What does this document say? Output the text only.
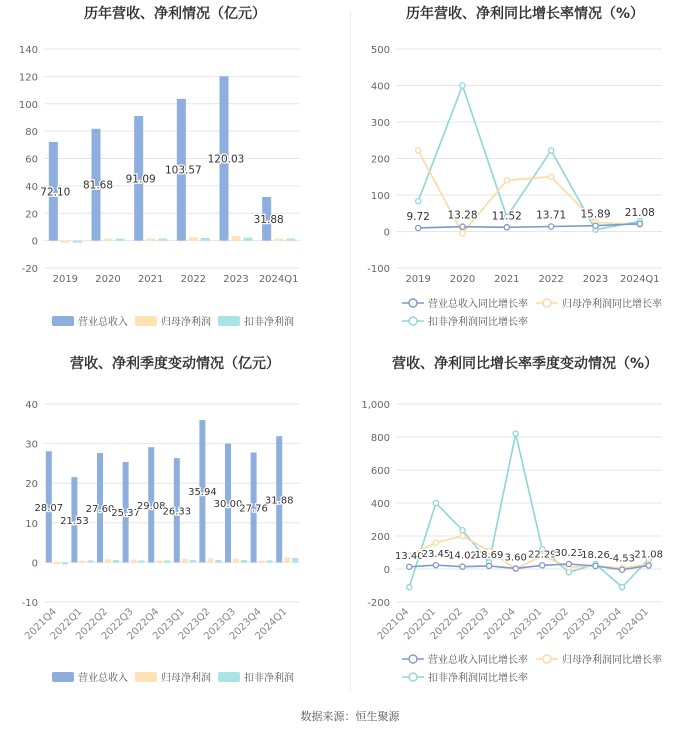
历年营收、净利情况（亿元）
-20
0
20
40
60
80
100
120
140
2019 2020 2021 2022 2023 2024Q1
72.10
81.68
91.09
103.57
120.03
31.88
营业总收入	归母净利润	扣非净利润
历年营收、净利同比增长率情况（%）
-100
0
100
200
300
400
500
2019 2020 2021 2022 2023 2024Q1
9.72 13.28 11.52 13.71 15.89 21.08
营业总收入同比增长率	归母净利润同比增长率
扣非净利润同比增长率
营收、净利季度变动情况（亿元）
-10
0
10
20
30
40
2021Q4
2022Q1
2022Q2
2022Q3
2022Q4
2023Q1
2023Q2
2023Q3
2023Q4
2024Q1
28.07
21.53
27.60
25.37
29.08
26.33
35.94
30.00
27.76
31.88
营业总收入	归母净利润	扣非净利润
营收、净利同比增长率季度变动情况（%）
-200
0
200
400
600
800
1,000
2021Q4
2022Q1
2022Q2
2022Q3
2022Q4
2023Q1
2023Q2
2023Q3
2023Q4
2024Q1
13.40
23.45
14.02
18.69 3.60 22.29
30.23
18.26 -4.53 21.08
营业总收入同比增长率	归母净利润同比增长率
扣非净利润同比增长率
数据来源：恒生聚源
